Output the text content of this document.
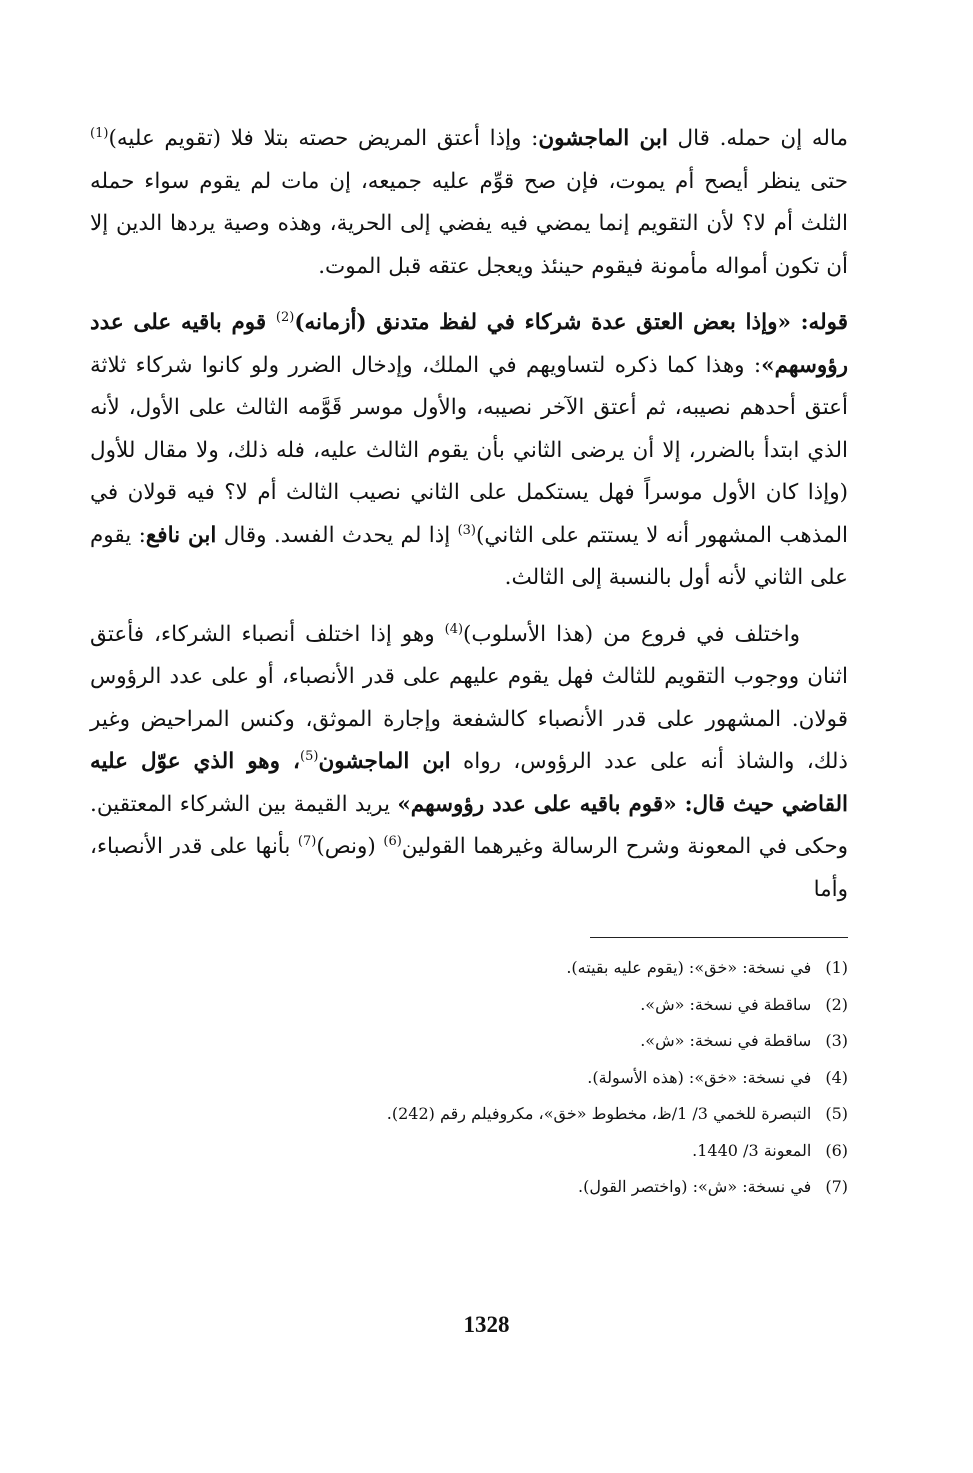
ماله إن حمله. قال ابن الماجشون: وإذا أعتق المريض حصته بتلا فلا (تقويم عليه)$^{(1)}$ حتى ينظر أيصح أم يموت، فإن صح قوِّم عليه جميعه، إن مات لم يقوم سواء حمله الثلث أم لا؟ لأن التقويم إنما يمضي فيه يفضي إلى الحرية، وهذه وصية يردها الدين إلا أن تكون أمواله مأمونة فيقوم حينئذ ويعجل عتقه قبل الموت.

قوله: «وإذا بعض العتق عدة شركاء في لفظ متدنق (أزمانه)$^{(2)}$ قوم باقيه على عدد رؤوسهم»: وهذا كما ذكره لتساويهم في الملك، وإدخال الضرر ولو كانوا شركاء ثلاثة أعتق أحدهم نصيبه، ثم أعتق الآخر نصيبه، والأول موسر قَوَّمه الثالث على الأول، لأنه الذي ابتدأ بالضرر، إلا أن يرضى الثاني بأن يقوم الثالث عليه، فله ذلك، ولا مقال للأول (وإذا كان الأول موسراً فهل يستكمل على الثاني نصيب الثالث أم لا؟ فيه قولان في المذهب المشهور أنه لا يستتم على الثاني)$^{(3)}$ إذا لم يحدث الفسد. وقال ابن نافع: يقوم على الثاني لأنه أول بالنسبة إلى الثالث.

واختلف في فروع من (هذا الأسلوب)$^{(4)}$ وهو إذا اختلف أنصباء الشركاء، فأعتق اثنان ووجوب التقويم للثالث فهل يقوم عليهم على قدر الأنصباء، أو على عدد الرؤوس قولان. المشهور على قدر الأنصباء كالشفعة وإجارة الموثق، وكنس المراحيض وغير ذلك، والشاذ أنه على عدد الرؤوس، رواه ابن الماجشون$^{(5)}$، وهو الذي عوّل عليه القاضي حيث قال: «قوم باقيه على عدد رؤوسهم» يريد القيمة بين الشركاء المعتقين. وحكى في المعونة وشرح الرسالة وغيرهما القولين$^{(6)}$ (ونص)$^{(7)}$ بأنها على قدر الأنصباء، وأما

(1)في نسخة: «خق»: (يقوم عليه بقيته).

(2)ساقطة في نسخة: «ش».

(3)ساقطة في نسخة: «ش».

(4)في نسخة: «خق»: (هذه الأسولة).

(5)التبصرة للخمي 3/ 1/ظ، مخطوط «خق»، مكروفيلم رقم (242).

(6)المعونة 3/ 1440.

(7)في نسخة: «ش»: (واختصر القول).

1328
